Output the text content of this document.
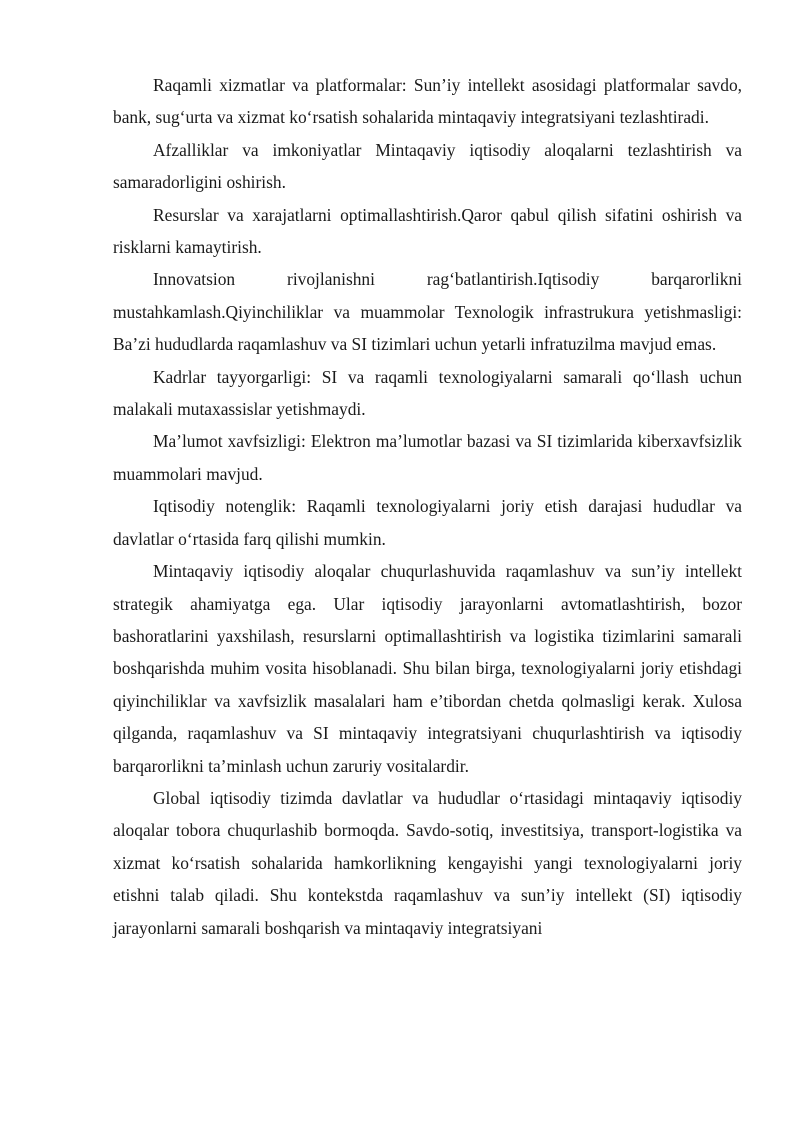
Raqamli xizmatlar va platformalar: Sun’iy intellekt asosidagi platformalar savdo, bank, sug‘urta va xizmat ko‘rsatish sohalarida mintaqaviy integratsiyani tezlashtiradi.

Afzalliklar va imkoniyatlar Mintaqaviy iqtisodiy aloqalarni tezlashtirish va samaradorligini oshirish.

Resurslar va xarajatlarni optimallashtirish.Qaror qabul qilish sifatini oshirish va risklarni kamaytirish.

Innovatsion rivojlanishni rag‘batlantirish.Iqtisodiy barqarorlikni mustahkamlash.Qiyinchiliklar va muammolar Texnologik infrastrukura yetishmasligi: Ba’zi hududlarda raqamlashuv va SI tizimlari uchun yetarli infratuzilma mavjud emas.

Kadrlar tayyorgarligi: SI va raqamli texnologiyalarni samarali qo‘llash uchun malakali mutaxassislar yetishmaydi.

Ma’lumot xavfsizligi: Elektron ma’lumotlar bazasi va SI tizimlarida kiberxavfsizlik muammolari mavjud.

Iqtisodiy notenglik: Raqamli texnologiyalarni joriy etish darajasi hududlar va davlatlar o‘rtasida farq qilishi mumkin.

Mintaqaviy iqtisodiy aloqalar chuqurlashuvida raqamlashuv va sun’iy intellekt strategik ahamiyatga ega. Ular iqtisodiy jarayonlarni avtomatlashtirish, bozor bashoratlarini yaxshilash, resurslarni optimallashtirish va logistika tizimlarini samarali boshqarishda muhim vosita hisoblanadi. Shu bilan birga, texnologiyalarni joriy etishdagi qiyinchiliklar va xavfsizlik masalalari ham e’tibordan chetda qolmasligi kerak. Xulosa qilganda, raqamlashuv va SI mintaqaviy integratsiyani chuqurlashtirish va iqtisodiy barqarorlikni ta’minlash uchun zaruriy vositalardir.

Global iqtisodiy tizimda davlatlar va hududlar o‘rtasidagi mintaqaviy iqtisodiy aloqalar tobora chuqurlashib bormoqda. Savdo-sotiq, investitsiya, transport-logistika va xizmat ko‘rsatish sohalarida hamkorlikning kengayishi yangi texnologiyalarni joriy etishni talab qiladi. Shu kontekstda raqamlashuv va sun’iy intellekt (SI) iqtisodiy jarayonlarni samarali boshqarish va mintaqaviy integratsiyani
